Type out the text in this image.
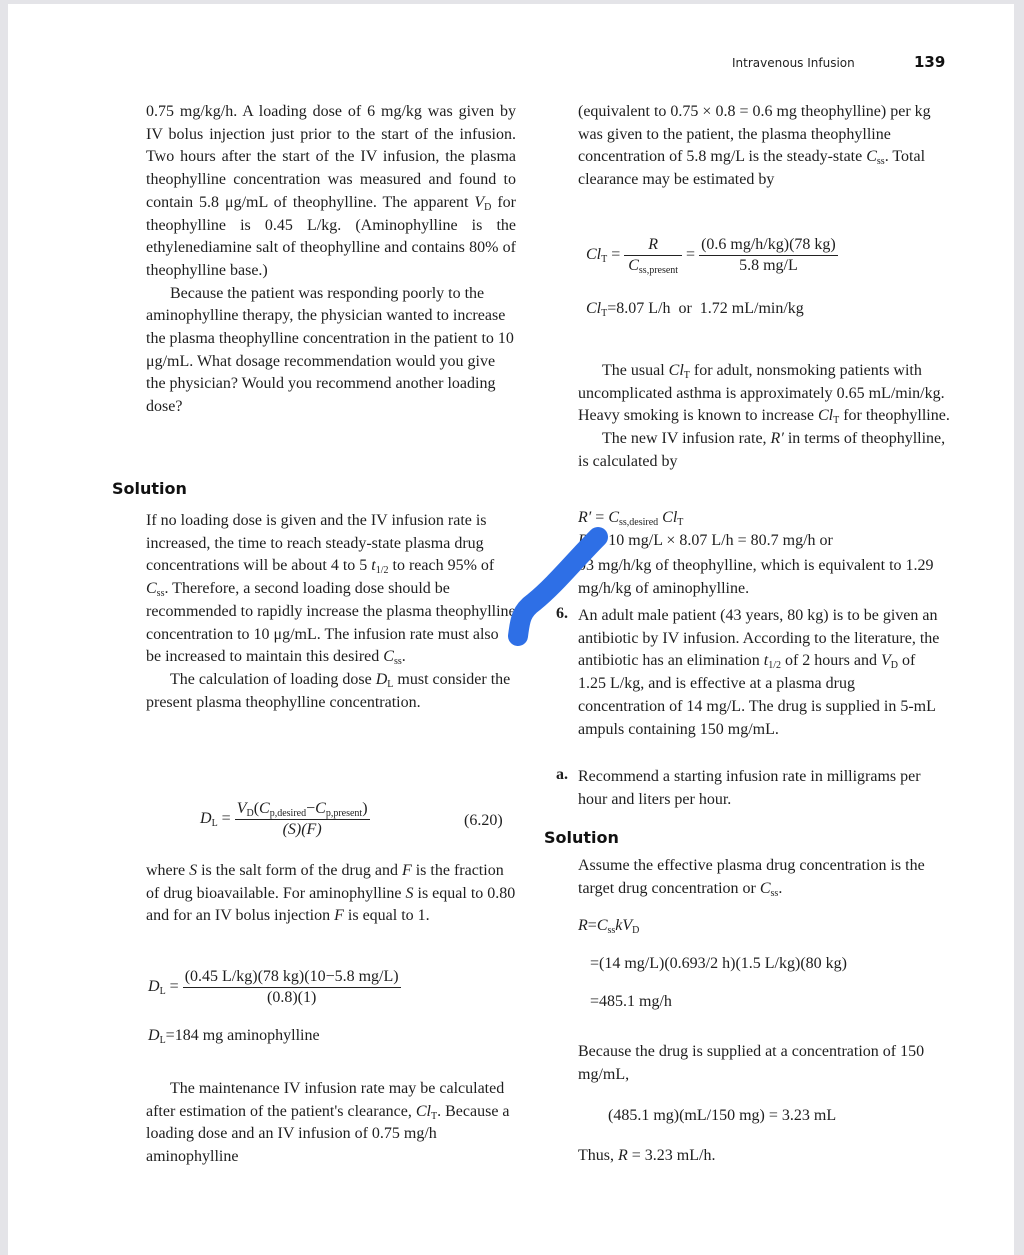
Intravenous Infusion	139

0.75 mg/kg/h. A loading dose of 6 mg/kg was given by IV bolus injection just prior to the start of the infusion. Two hours after the start of the IV infusion, the plasma theophylline concentration was measured and found to contain 5.8 μg/mL of theophylline. The apparent $V_D$ for theophylline is 0.45 L/kg. (Aminophylline is the ethylenediamine salt of theophylline and contains 80% of theophylline base.)

Because the patient was responding poorly to the aminophylline therapy, the physician wanted to increase the plasma theophylline concentration in the patient to 10 μg/mL. What dosage recommendation would you give the physician? Would you recommend another loading dose?

Solution

If no loading dose is given and the IV infusion rate is increased, the time to reach steady-state plasma drug concentrations will be about 4 to 5 $t_{1/2}$ to reach 95% of $C_{ss}$. Therefore, a second loading dose should be recommended to rapidly increase the plasma theophylline concentration to 10 μg/mL. The infusion rate must also be increased to maintain this desired $C_{ss}$.

The calculation of loading dose $D_L$ must consider the present plasma theophylline concentration.

$D_L = \frac{V_D(C_{p,desired}-C_{p,present})}{(S)(F)}$	(6.20)

where S is the salt form of the drug and F is the fraction of drug bioavailable. For aminophylline S is equal to 0.80 and for an IV bolus injection F is equal to 1.

$D_L = \frac{(0.45 L/kg)(78 kg)(10-5.8 mg/L)}{(0.8)(1)}$
$D_L=184$ mg aminophylline

The maintenance IV infusion rate may be calculated after estimation of the patient's clearance, $Cl_T$. Because a loading dose and an IV infusion of 0.75 mg/h aminophylline

(equivalent to 0.75 × 0.8 = 0.6 mg theophylline) per kg was given to the patient, the plasma theophylline concentration of 5.8 mg/L is the steady-state $C_{ss}$. Total clearance may be estimated by

$Cl_T = \frac{R}{C_{ss,present}} = \frac{(0.6 mg/h/kg)(78 kg)}{5.8 mg/L}$
$Cl_T=8.07$ L/h  or  1.72 mL/min/kg

The usual $Cl_T$ for adult, nonsmoking patients with uncomplicated asthma is approximately 0.65 mL/min/kg. Heavy smoking is known to increase $Cl_T$ for theophylline.

The new IV infusion rate, R′ in terms of theophylline, is calculated by

$R' = C_{ss,desired}$ $Cl_T$
R′ = 10 mg/L × 8.07 L/h = 80.7 mg/h or
03 mg/h/kg of theophylline, which is equivalent to 1.29 mg/h/kg of aminophylline.
6. An adult male patient (43 years, 80 kg) is to be given an antibiotic by IV infusion. According to the literature, the antibiotic has an elimination $t_{1/2}$ of 2 hours and $V_D$ of 1.25 L/kg, and is effective at a plasma drug concentration of 14 mg/L. The drug is supplied in 5-mL ampuls containing 150 mg/mL.

a. Recommend a starting infusion rate in milligrams per hour and liters per hour.
Solution

Assume the effective plasma drug concentration is the target drug concentration or $C_{ss}$.

$R=C_{ss}kV_D$
=(14 mg/L)(0.693/2 h)(1.5 L/kg)(80 kg)
=485.1 mg/h
Because the drug is supplied at a concentration of 150 mg/mL,
(485.1 mg)(mL/150 mg) = 3.23 mL
Thus, R = 3.23 mL/h.
